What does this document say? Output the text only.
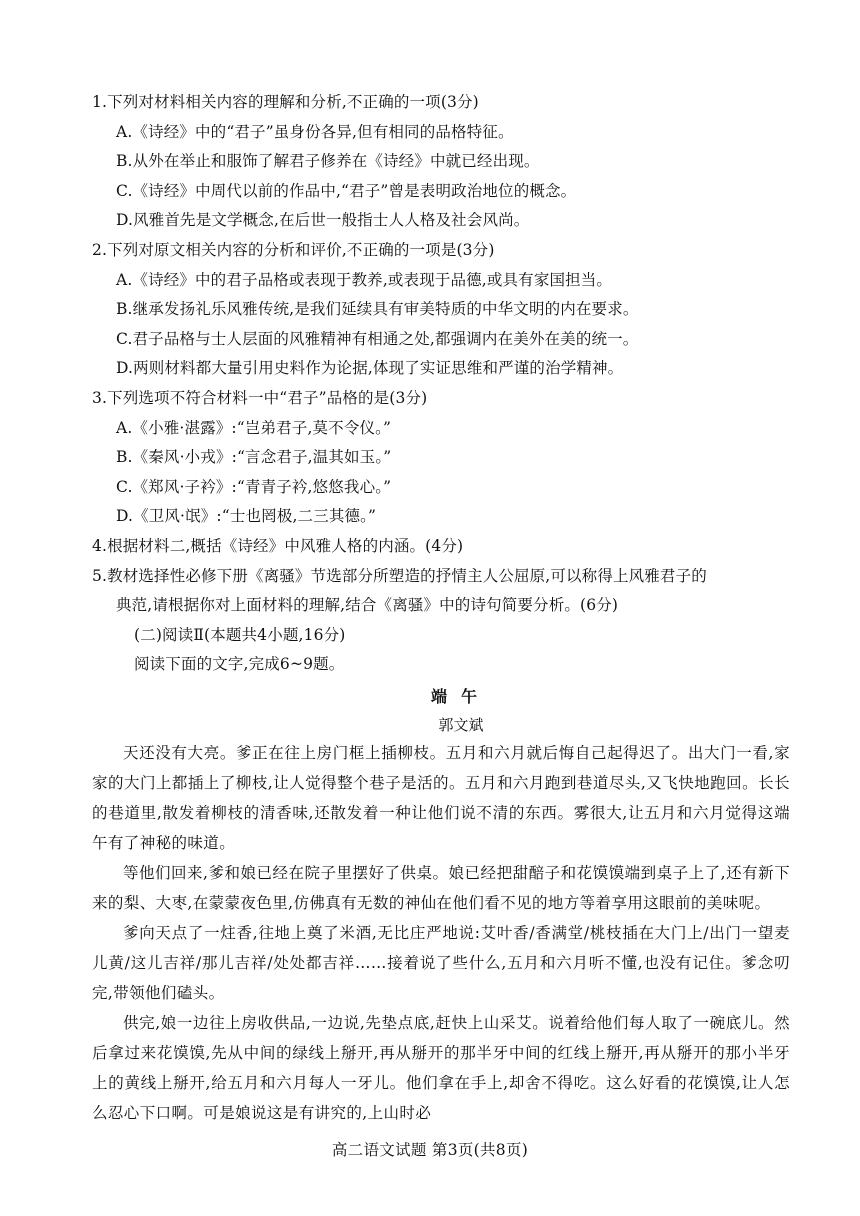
1.下列对材料相关内容的理解和分析,不正确的一项(3分)
A.《诗经》中的“君子”虽身份各异,但有相同的品格特征。
B.从外在举止和服饰了解君子修养在《诗经》中就已经出现。
C.《诗经》中周代以前的作品中,“君子”曾是表明政治地位的概念。
D.风雅首先是文学概念,在后世一般指士人人格及社会风尚。
2.下列对原文相关内容的分析和评价,不正确的一项是(3分)
A.《诗经》中的君子品格或表现于教养,或表现于品德,或具有家国担当。
B.继承发扬礼乐风雅传统,是我们延续具有审美特质的中华文明的内在要求。
C.君子品格与士人层面的风雅精神有相通之处,都强调内在美外在美的统一。
D.两则材料都大量引用史料作为论据,体现了实证思维和严谨的治学精神。
3.下列选项不符合材料一中“君子”品格的是(3分)
A.《小雅·湛露》:“岂弟君子,莫不令仪。”
B.《秦风·小戎》:“言念君子,温其如玉。”
C.《郑风·子衿》:“青青子衿,悠悠我心。”
D.《卫风·氓》:“士也罔极,二三其德。”
4.根据材料二,概括《诗经》中风雅人格的内涵。(4分)
5.教材选择性必修下册《离骚》节选部分所塑造的抒情主人公屈原,可以称得上风雅君子的
典范,请根据你对上面材料的理解,结合《离骚》中的诗句简要分析。(6分)
(二)阅读Ⅱ(本题共4小题,16分)
阅读下面的文字,完成6~9题。
端午
郭文斌
天还没有大亮。爹正在往上房门框上插柳枝。五月和六月就后悔自己起得迟了。出大门一看,家家的大门上都插上了柳枝,让人觉得整个巷子是活的。五月和六月跑到巷道尽头,又飞快地跑回。长长的巷道里,散发着柳枝的清香味,还散发着一种让他们说不清的东西。雾很大,让五月和六月觉得这端午有了神秘的味道。
等他们回来,爹和娘已经在院子里摆好了供桌。娘已经把甜醅子和花馍馍端到桌子上了,还有新下来的梨、大枣,在蒙蒙夜色里,仿佛真有无数的神仙在他们看不见的地方等着享用这眼前的美味呢。
爹向天点了一炷香,往地上奠了米酒,无比庄严地说:艾叶香/香满堂/桃枝插在大门上/出门一望麦儿黄/这儿吉祥/那儿吉祥/处处都吉祥……接着说了些什么,五月和六月听不懂,也没有记住。爹念叨完,带领他们磕头。
供完,娘一边往上房收供品,一边说,先垫点底,赶快上山采艾。说着给他们每人取了一碗底儿。然后拿过来花馍馍,先从中间的绿线上掰开,再从掰开的那半牙中间的红线上掰开,再从掰开的那小半牙上的黄线上掰开,给五月和六月每人一牙儿。他们拿在手上,却舍不得吃。这么好看的花馍馍,让人怎么忍心下口啊。可是娘说这是有讲究的,上山时必
高二语文试题 第3页(共8页)
